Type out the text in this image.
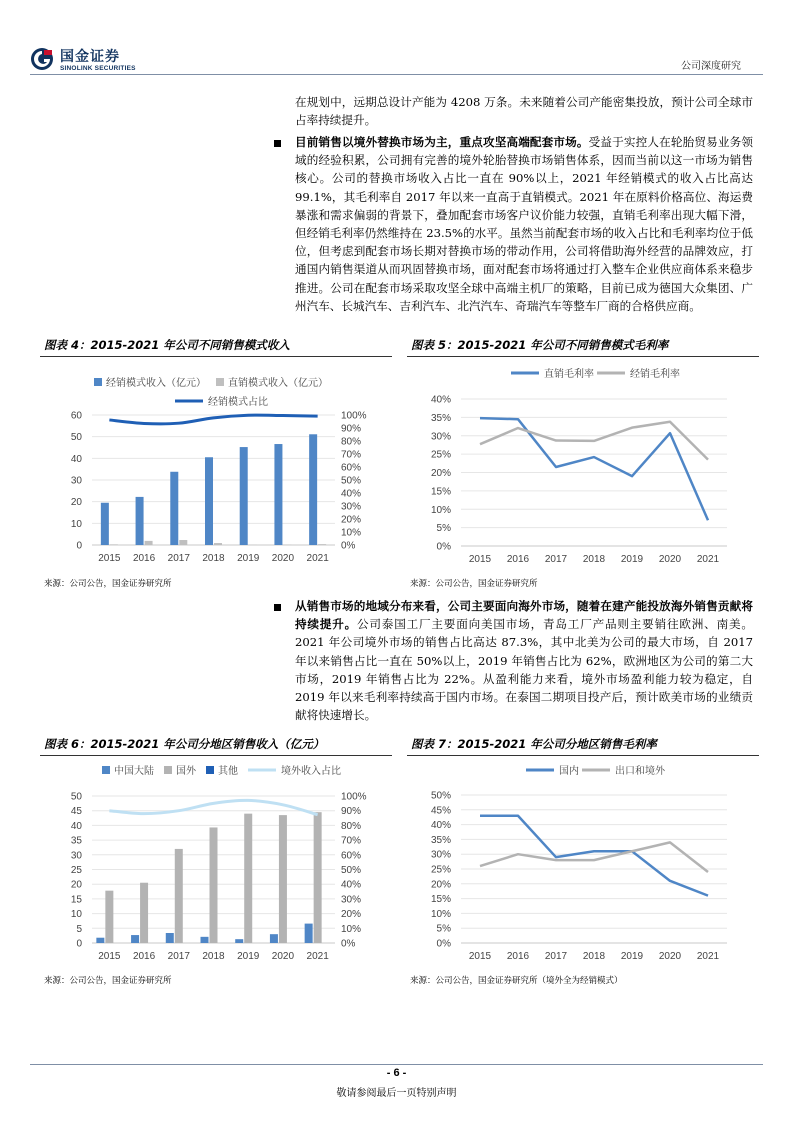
国金证券
SINOLINK SECURITIES	公司深度研究
在规划中，远期总设计产能为 4208 万条。未来随着公司产能密集投放，预计公司全球市占率持续提升。
目前销售以境外替换市场为主，重点攻坚高端配套市场。受益于实控人在轮胎贸易业务领域的经验积累，公司拥有完善的境外轮胎替换市场销售体系，因而当前以这一市场为销售核心。公司的替换市场收入占比一直在 90%以上，2021 年经销模式的收入占比高达 99.1%，其毛利率自 2017 年以来一直高于直销模式。2021 年在原料价格高位、海运费暴涨和需求偏弱的背景下，叠加配套市场客户议价能力较强，直销毛利率出现大幅下滑，但经销毛利率仍然维持在 23.5%的水平。虽然当前配套市场的收入占比和毛利率均位于低位，但考虑到配套市场长期对替换市场的带动作用，公司将借助海外经营的品牌效应，打通国内销售渠道从而巩固替换市场，面对配套市场将通过打入整车企业供应商体系来稳步推进。公司在配套市场采取攻坚全球中高端主机厂的策略，目前已成为德国大众集团、广州汽车、长城汽车、吉利汽车、北汽汽车、奇瑞汽车等整车厂商的合格供应商。
图表 4：2015-2021 年公司不同销售模式收入	图表 5：2015-2021 年公司不同销售模式毛利率
经销模式收入（亿元） 直销模式收入（亿元）
经销模式占比
0
10
20
30
40
50
60
0%
10%
20%
30%
40%
50%
60%
70%
80%
90%
100%
2015 2016 2017 2018 2019 2020 2021
直销毛利率	经销毛利率
0%
5%
10%
15%
20%
25%
30%
35%
40%
2015 2016 2017 2018 2019 2020 2021
来源：公司公告，国金证券研究所	来源：公司公告，国金证券研究所
从销售市场的地域分布来看，公司主要面向海外市场，随着在建产能投放海外销售贡献将持续提升。公司泰国工厂主要面向美国市场，青岛工厂产品则主要销往欧洲、南美。2021 年公司境外市场的销售占比高达 87.3%，其中北美为公司的最大市场，自 2017 年以来销售占比一直在 50%以上，2019 年销售占比为 62%，欧洲地区为公司的第二大市场，2019 年销售占比为 22%。从盈利能力来看，境外市场盈利能力较为稳定，自 2019 年以来毛利率持续高于国内市场。在泰国二期项目投产后，预计欧美市场的业绩贡献将快速增长。
图表 6：2015-2021 年公司分地区销售收入（亿元）	图表 7：2015-2021 年公司分地区销售毛利率
中国大陆 国外 其他	境外收入占比
0
5
10
15
20
25
30
35
40
45
50
0%
10%
20%
30%
40%
50%
60%
70%
80%
90%
100%
2015 2016 2017 2018 2019 2020 2021
国内	出口和境外
0%
5%
10%
15%
20%
25%
30%
35%
40%
45%
50%
2015 2016 2017 2018 2019 2020 2021
来源：公司公告，国金证券研究所	来源：公司公告，国金证券研究所（境外全为经销模式）
- 6 -
敬请参阅最后一页特别声明
